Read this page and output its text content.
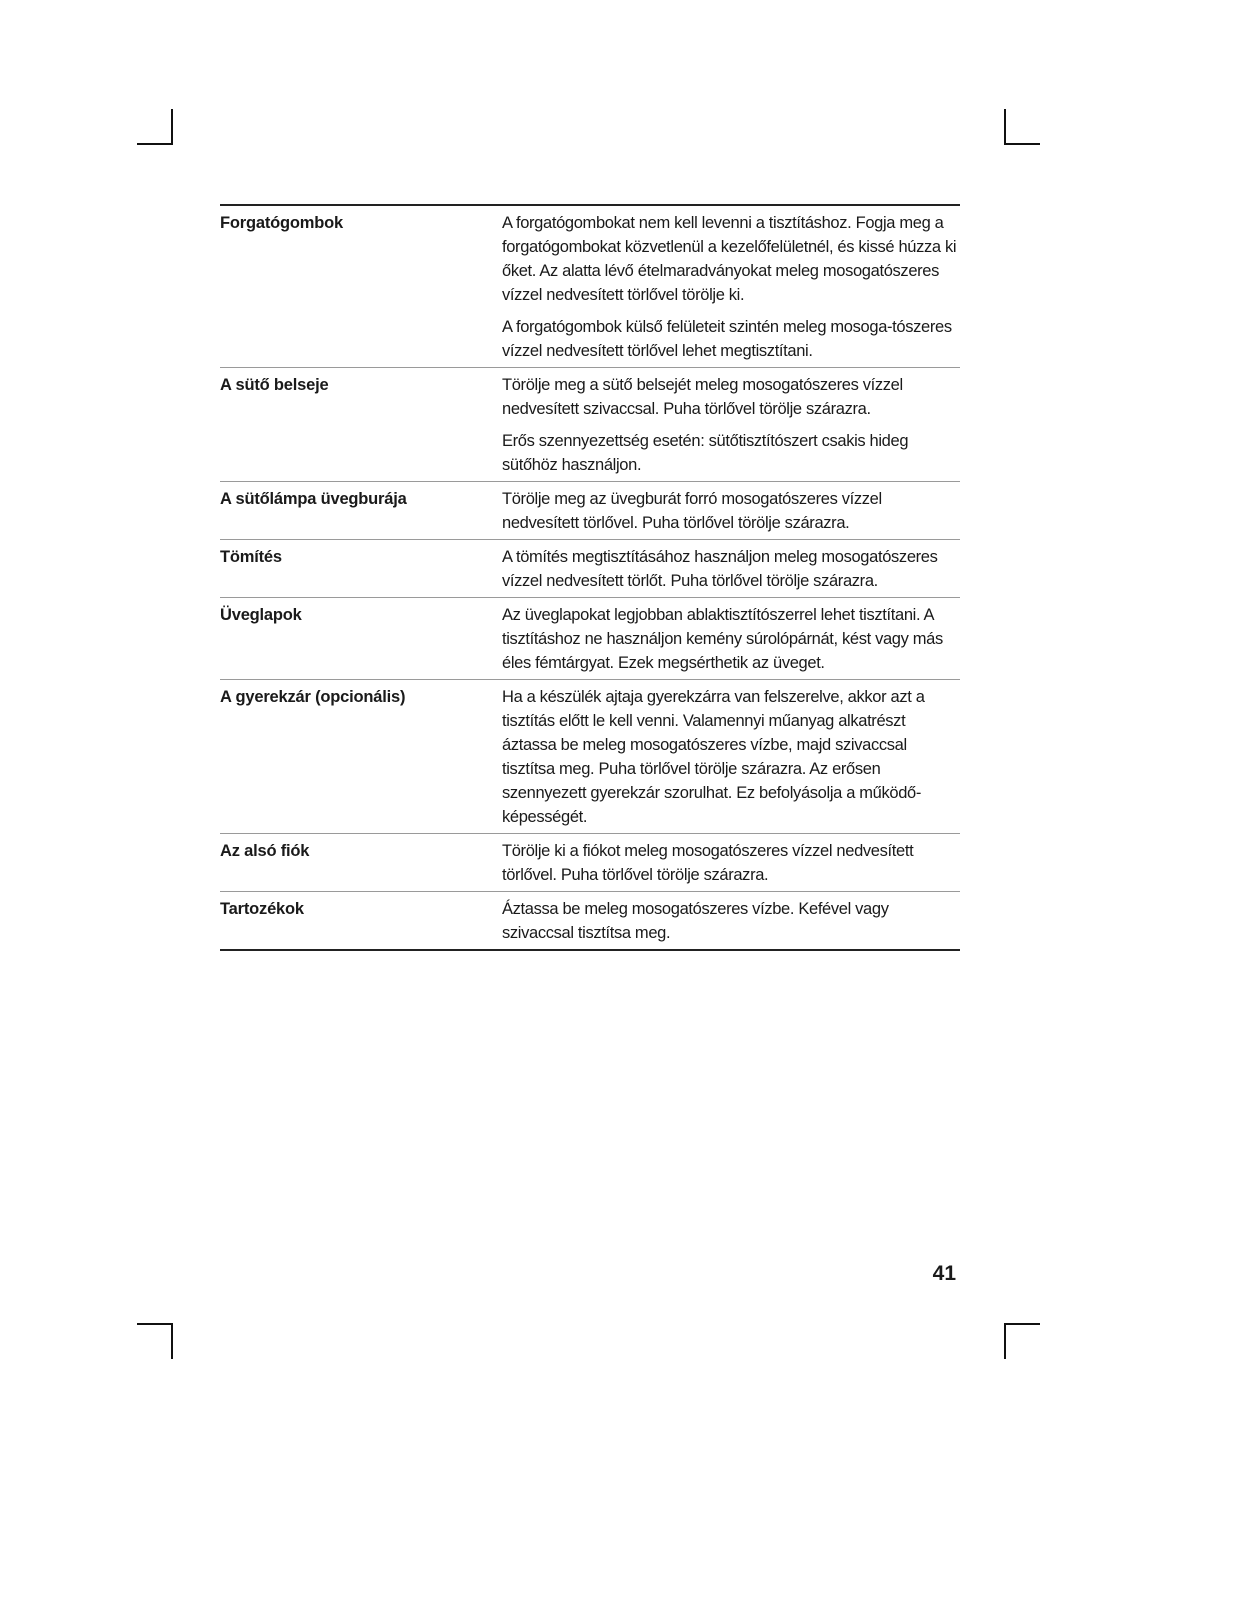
Forgatógombok	A forgatógombokat nem kell levenni a tisztításhoz. Fogja meg a forgatógombokat közvetlenül a kezelőfelületnél, és kissé húzza ki őket. Az alatta lévő ételmaradványokat meleg mosogatószeres vízzel nedvesített törlővel törölje ki.

A forgatógombok külső felületeit szintén meleg mosoga-tószeres vízzel nedvesített törlővel lehet megtisztítani.

A sütő belseje	Törölje meg a sütő belsejét meleg mosogatószeres vízzel nedvesített szivaccsal. Puha törlővel törölje szárazra.

Erős szennyezettség esetén: sütőtisztítószert csakis hideg sütőhöz használjon.

A sütőlámpa üvegburája	Törölje meg az üvegburát forró mosogatószeres vízzel nedvesített törlővel. Puha törlővel törölje szárazra.

Tömítés	A tömítés megtisztításához használjon meleg mosogatószeres vízzel nedvesített törlőt. Puha törlővel törölje szárazra.

Üveglapok	Az üveglapokat legjobban ablaktisztítószerrel lehet tisztítani. A tisztításhoz ne használjon kemény súrolópárnát, kést vagy más éles fémtárgyat. Ezek megsérthetik az üveget.

A gyerekzár (opcionális)	Ha a készülék ajtaja gyerekzárra van felszerelve, akkor azt a tisztítás előtt le kell venni. Valamennyi műanyag alkatrészt áztassa be meleg mosogatószeres vízbe, majd szivaccsal tisztítsa meg. Puha törlővel törölje szárazra. Az erősen szennyezett gyerekzár szorulhat. Ez befolyásolja a működő-képességét.

Az alsó fiók	Törölje ki a fiókot meleg mosogatószeres vízzel nedvesített törlővel. Puha törlővel törölje szárazra.

Tartozékok	Áztassa be meleg mosogatószeres vízbe. Kefével vagy szivaccsal tisztítsa meg.

41
